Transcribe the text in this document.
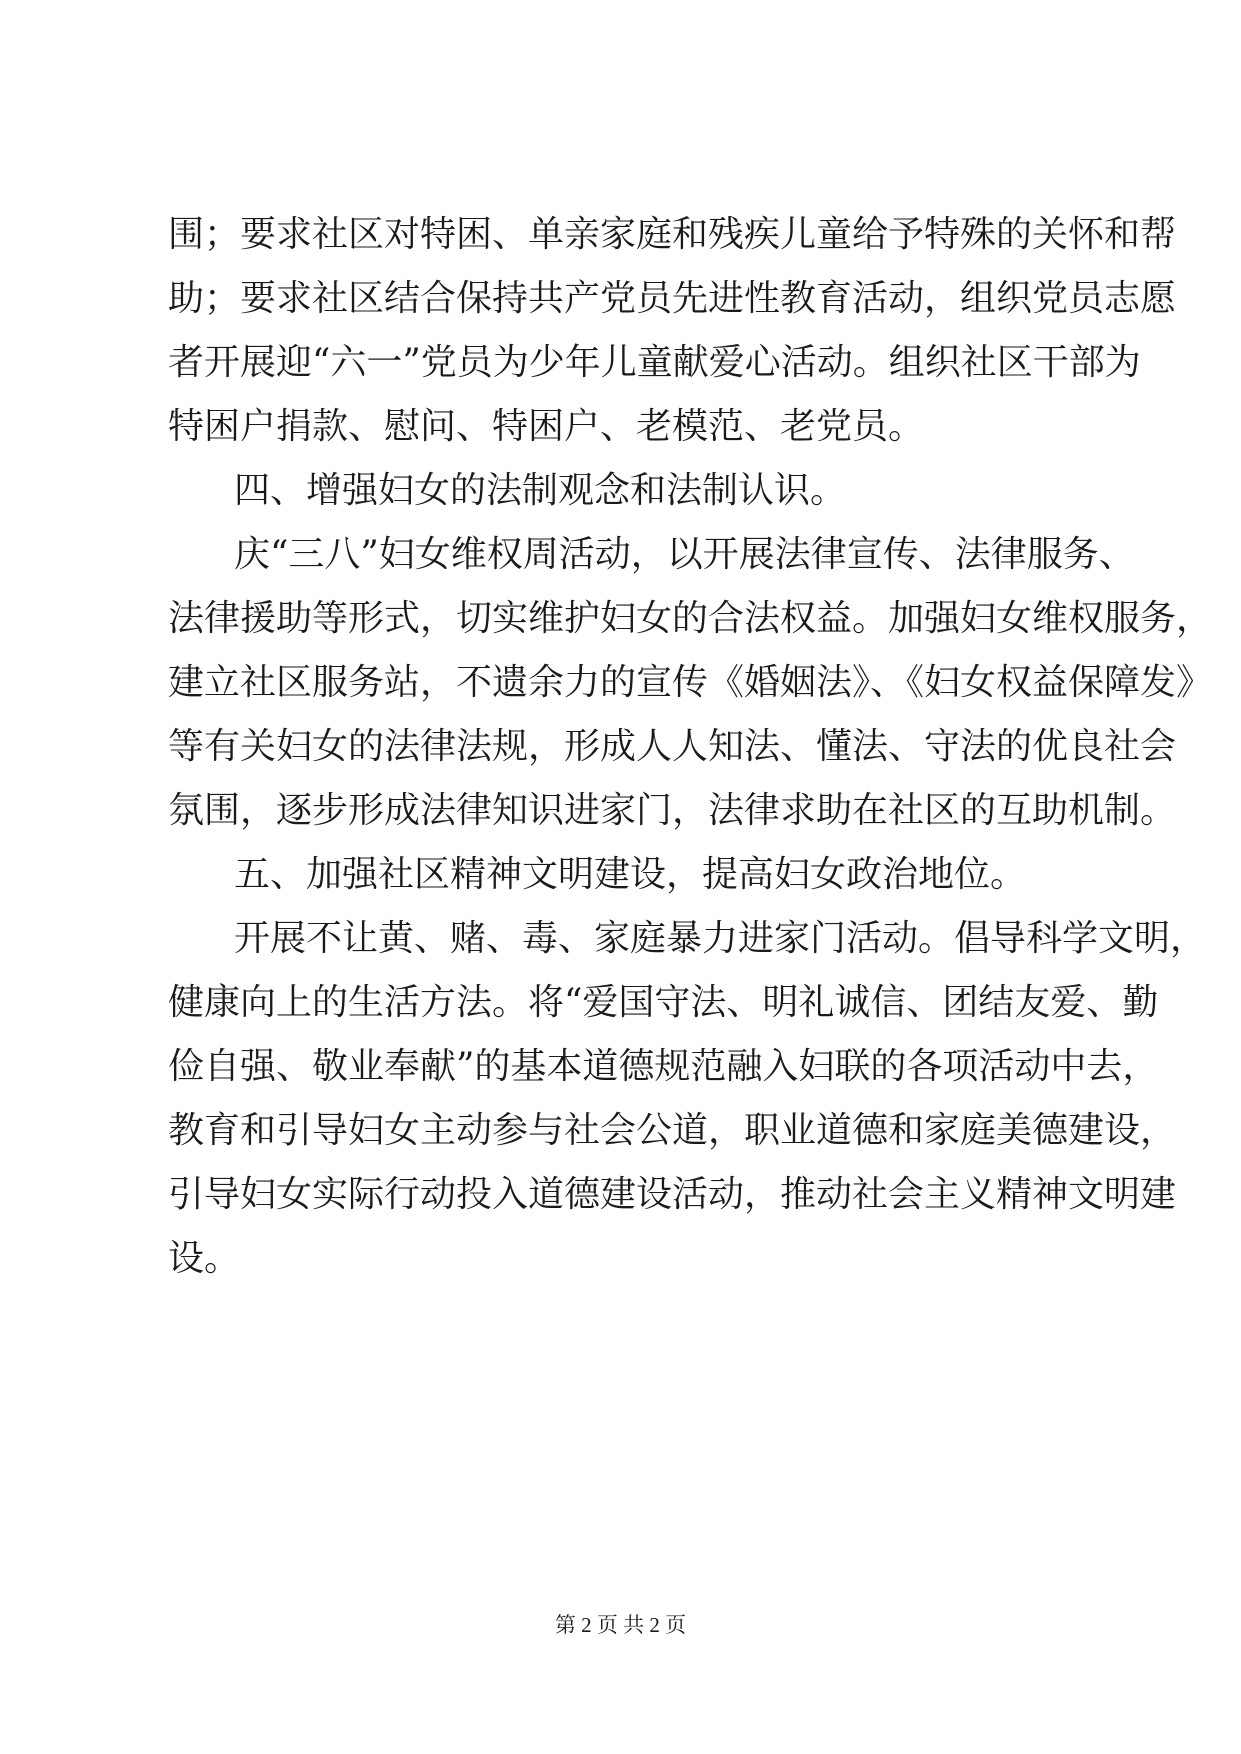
围；要求社区对特困、单亲家庭和残疾儿童给予特殊的关怀和帮
助；要求社区结合保持共产党员先进性教育活动，组织党员志愿
者开展迎“六一”党员为少年儿童献爱心活动。组织社区干部为
特困户捐款、慰问、特困户、老模范、老党员。
四、增强妇女的法制观念和法制认识。
庆“三八”妇女维权周活动，以开展法律宣传、法律服务、
法律援助等形式，切实维护妇女的合法权益。加强妇女维权服务，
建立社区服务站，不遗余力的宣传《婚姻法》、《妇女权益保障发》
等有关妇女的法律法规，形成人人知法、懂法、守法的优良社会
氛围，逐步形成法律知识进家门，法律求助在社区的互助机制。
五、加强社区精神文明建设，提高妇女政治地位。
开展不让黄、赌、毒、家庭暴力进家门活动。倡导科学文明，
健康向上的生活方法。将“爱国守法、明礼诚信、团结友爱、勤
俭自强、敬业奉献”的基本道德规范融入妇联的各项活动中去，
教育和引导妇女主动参与社会公道，职业道德和家庭美德建设，
引导妇女实际行动投入道德建设活动，推动社会主义精神文明建
设。
第 2 页 共 2 页
